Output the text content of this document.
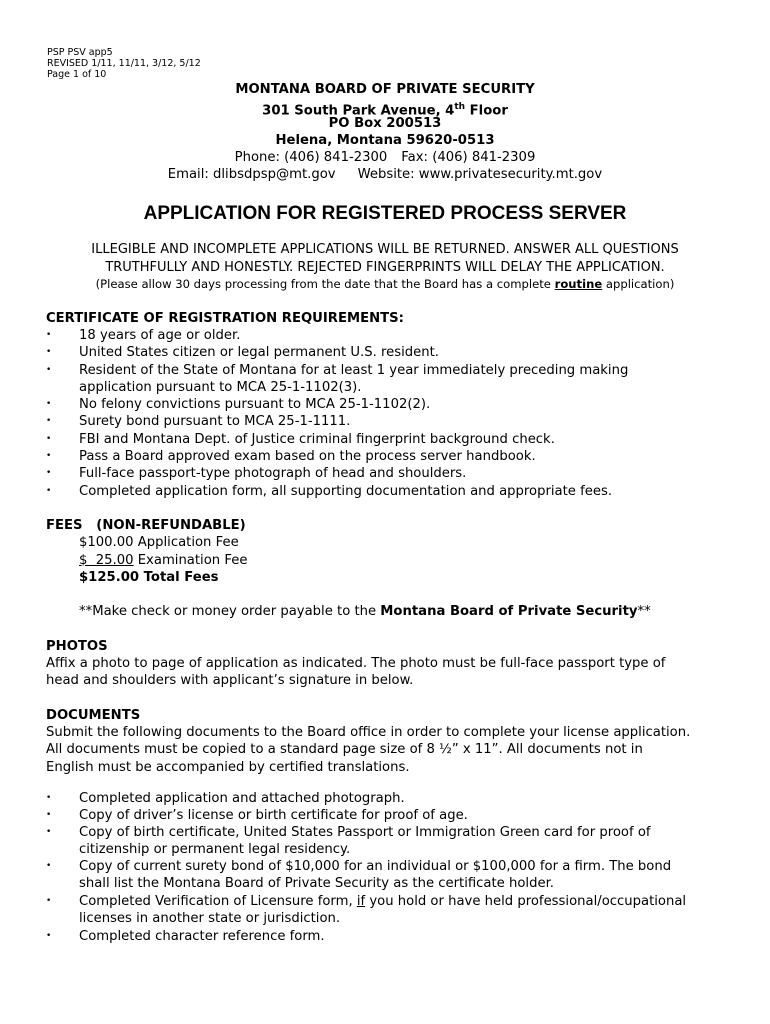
PSP PSV app5
REVISED 1/11, 11/11, 3/12, 5/12
Page 1 of 10
MONTANA BOARD OF PRIVATE SECURITY
301 South Park Avenue, 4th Floor
PO Box 200513
Helena, Montana 59620-0513
Phone: (406) 841-2300 Fax: (406) 841-2309
Email: dlibsdpsp@mt.gov Website: www.privatesecurity.mt.gov
APPLICATION FOR REGISTERED PROCESS SERVER
ILLEGIBLE AND INCOMPLETE APPLICATIONS WILL BE RETURNED. ANSWER ALL QUESTIONS
TRUTHFULLY AND HONESTLY. REJECTED FINGERPRINTS WILL DELAY THE APPLICATION.
(Please allow 30 days processing from the date that the Board has a complete routine application)
CERTIFICATE OF REGISTRATION REQUIREMENTS:
• 18 years of age or older.
• United States citizen or legal permanent U.S. resident.
• Resident of the State of Montana for at least 1 year immediately preceding making
application pursuant to MCA 25-1-1102(3).
• No felony convictions pursuant to MCA 25-1-1102(2).
• Surety bond pursuant to MCA 25-1-1111.
• FBI and Montana Dept. of Justice criminal fingerprint background check.
• Pass a Board approved exam based on the process server handbook.
• Full-face passport-type photograph of head and shoulders.
• Completed application form, all supporting documentation and appropriate fees.
FEES   (NON-REFUNDABLE)
$100.00 Application Fee
$  25.00 Examination Fee
$125.00 Total Fees
**Make check or money order payable to the Montana Board of Private Security**
PHOTOS
Affix a photo to page of application as indicated. The photo must be full-face passport type of
head and shoulders with applicant’s signature in below.
DOCUMENTS
Submit the following documents to the Board office in order to complete your license application.
All documents must be copied to a standard page size of 8 ½” x 11”. All documents not in
English must be accompanied by certified translations.
• Completed application and attached photograph.
• Copy of driver’s license or birth certificate for proof of age.
• Copy of birth certificate, United States Passport or Immigration Green card for proof of
citizenship or permanent legal residency.
• Copy of current surety bond of $10,000 for an individual or $100,000 for a firm. The bond
shall list the Montana Board of Private Security as the certificate holder.
• Completed Verification of Licensure form, if you hold or have held professional/occupational
licenses in another state or jurisdiction.
• Completed character reference form.
